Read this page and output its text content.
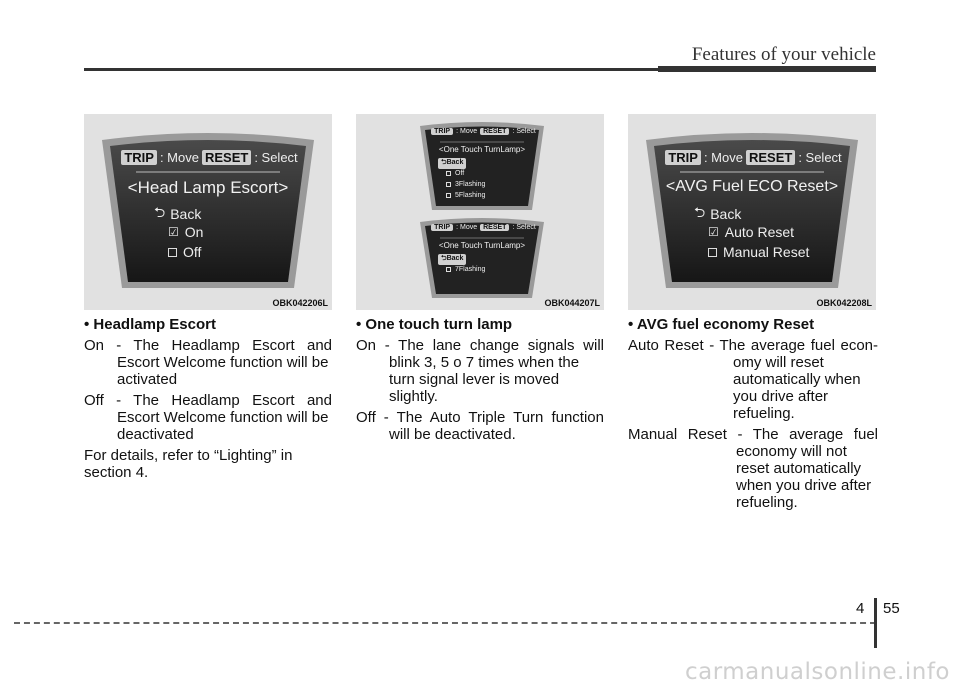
Features of your vehicle
TRIP : Move RESET : Select
<Head Lamp Escort>
⮌ Back
☑ On
Off
OBK042206L
TRIP : Move RESET : Select
<One Touch TurnLamp>
⮌Back
Off
3Flashing
5Flashing
TRIP : Move RESET : Select
<One Touch TurnLamp>
⮌Back
7Flashing
OBK044207L
TRIP : Move RESET : Select
<AVG Fuel ECO Reset>
⮌ Back
☑ Auto Reset
Manual Reset
OBK042208L
• Headlamp Escort
On - The Headlamp Escort and
Escort Welcome function will be activated
Off - The Headlamp Escort and
Escort Welcome function will be deactivated
For details, refer to “Lighting” in section 4.
• One touch turn lamp
On - The lane change signals will
blink 3, 5 o 7 times when the turn signal lever is moved slightly.
Off - The Auto Triple Turn function
will be deactivated.
• AVG fuel economy Reset
Auto Reset - The average fuel econ-
omy will reset automatically when you drive after refueling.
Manual Reset - The average fuel
economy will not reset automatically when you drive after refueling.
4 55
carmanualsonline.info
